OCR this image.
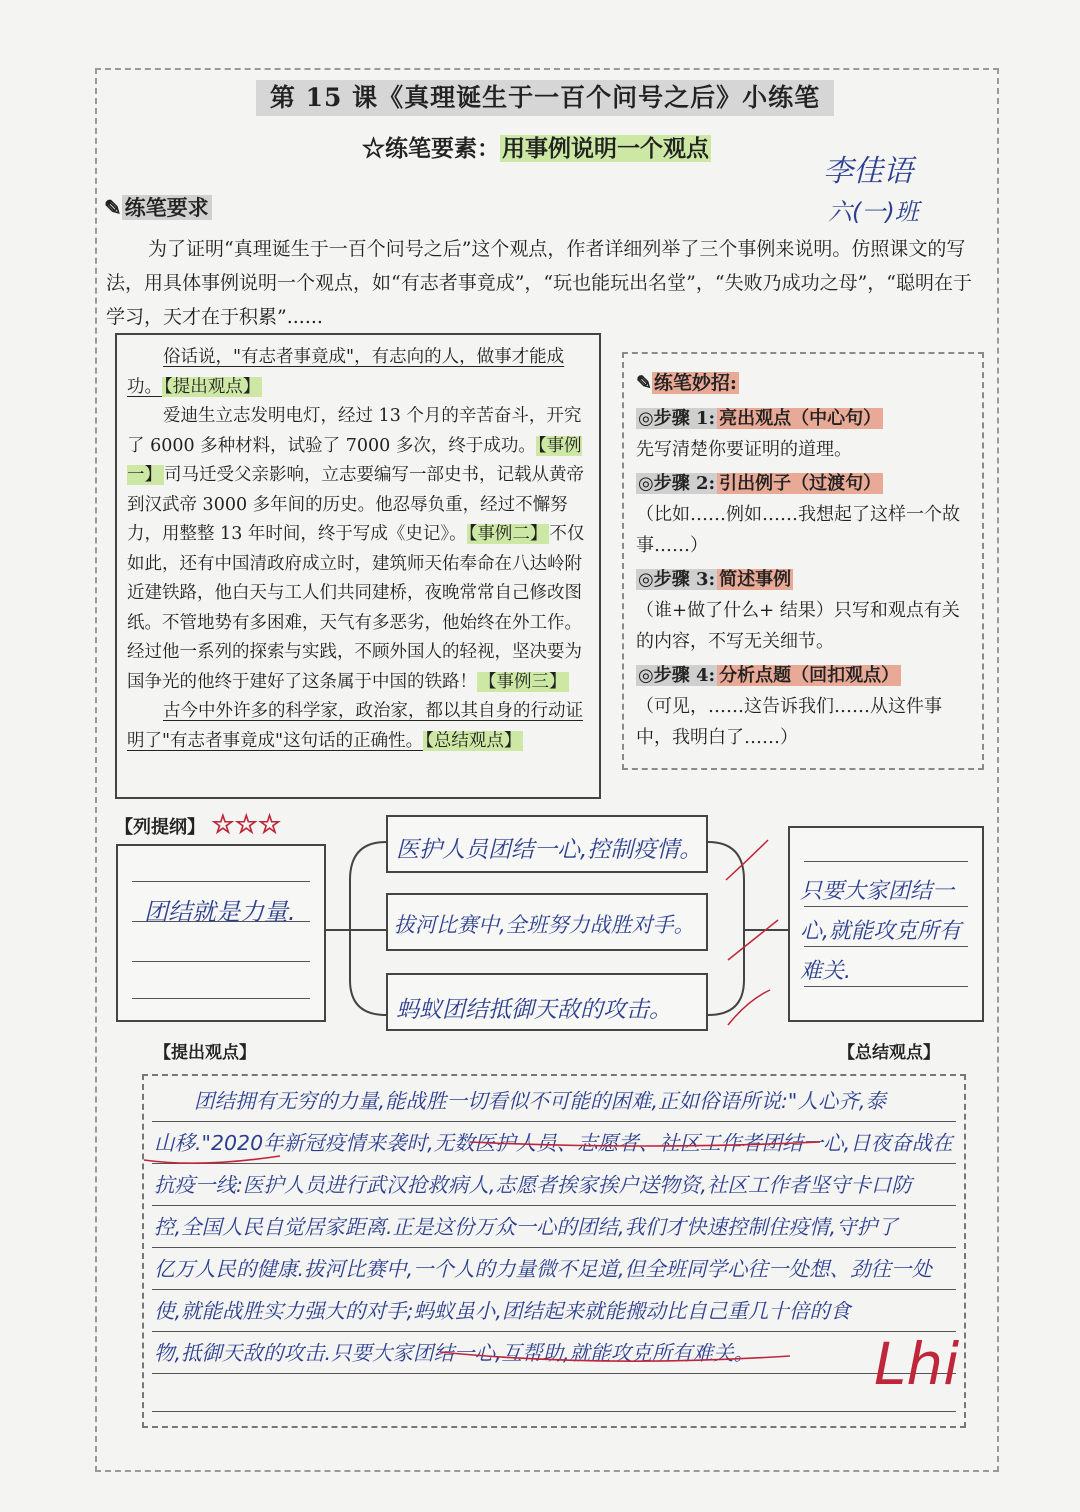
第 15 课《真理诞生于一百个问号之后》小练笔
☆练笔要素：用事例说明一个观点
李佳语
六(一)班
✎ 练笔要求
为了证明“真理诞生于一百个问号之后”这个观点，作者详细列举了三个事例来说明。仿照课文的写法，用具体事例说明一个观点，如“有志者事竟成”，“玩也能玩出名堂”，“失败乃成功之母”，“聪明在于学习，天才在于积累”......

俗话说，"有志者事竟成"，有志向的人，做事才能成功。 【提出观点】

爱迪生立志发明电灯，经过 13 个月的辛苦奋斗，开究了 6000 多种材料，试验了 7000 多次，终于成功。 【事例一】 司马迁受父亲影响，立志要编写一部史书，记载从黄帝到汉武帝 3000 多年间的历史。他忍辱负重，经过不懈努力，用整整 13 年时间，终于写成《史记》。 【事例二】 不仅如此，还有中国清政府成立时，建筑师天佑奉命在八达岭附近建铁路，他白天与工人们共同建桥，夜晚常常自己修改图纸。不管地势有多困难，天气有多恶劣，他始终在外工作。经过他一系列的探索与实践，不顾外国人的轻视，坚决要为国争光的他终于建好了这条属于中国的铁路！ 【事例三】

古今中外许多的科学家，政治家，都以其自身的行动证明了"有志者事竟成"这句话的正确性。 【总结观点】

✎ 练笔妙招:
◎步骤 1: 亮出观点（中心句）
先写清楚你要证明的道理。
◎步骤 2: 引出例子（过渡句）
（比如……例如……我想起了这样一个故事……）
◎步骤 3: 简述事例
（谁+做了什么+ 结果）只写和观点有关的内容，不写无关细节。
◎步骤 4: 分析点题（回扣观点）
（可见，……这告诉我们……从这件事中，我明白了……）
【列提纲】 ☆☆☆
团结就是力量.
医护人员团结一心,控制疫情。
拔河比赛中,全班努力战胜对手。
蚂蚁团结抵御天敌的攻击。
只要大家团结一心,就能攻克所有难关.
【提出观点】	【总结观点】
团结拥有无穷的力量,能战胜一切看似不可能的困难,正如俗语所说:"人心齐,泰
山移."2020年新冠疫情来袭时,无数医护人员、志愿者、社区工作者团结一心,日夜奋战在
抗疫一线:医护人员进行武汉抢救病人,志愿者挨家挨户送物资,社区工作者坚守卡口防
控,全国人民自觉居家距离.正是这份万众一心的团结,我们才快速控制住疫情,守护了
亿万人民的健康.拔河比赛中,一个人的力量微不足道,但全班同学心往一处想、劲往一处
使,就能战胜实力强大的对手;蚂蚁虽小,团结起来就能搬动比自己重几十倍的食
物,抵御天敌的攻击.只要大家团结一心,互帮助,就能攻克所有难关。	Lhi
